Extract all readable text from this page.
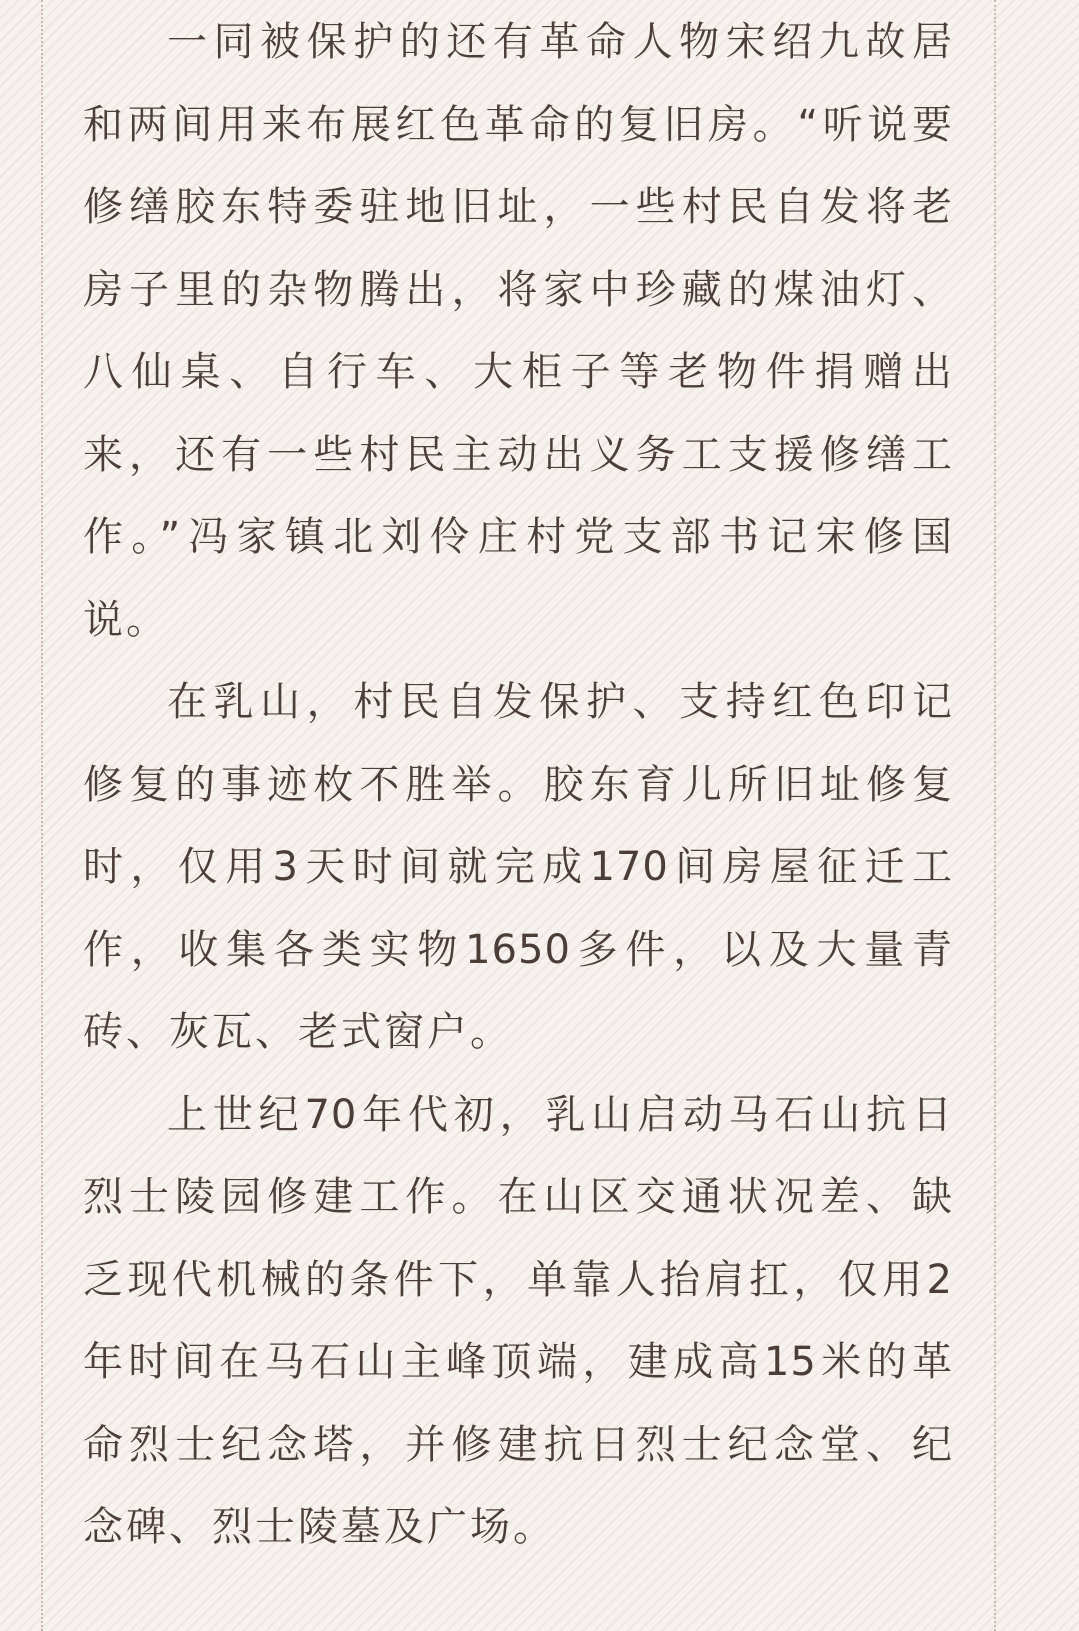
一同被保护的还有革命人物宋绍九故居
和两间用来布展红色革命的复旧房。“听说要
修缮胶东特委驻地旧址，一些村民自发将老
房子里的杂物腾出，将家中珍藏的煤油灯、
八仙桌、自行车、大柜子等老物件捐赠出
来，还有一些村民主动出义务工支援修缮工
作。”冯家镇北刘伶庄村党支部书记宋修国
说。
在乳山，村民自发保护、支持红色印记
修复的事迹枚不胜举。胶东育儿所旧址修复
时，仅用3天时间就完成170间房屋征迁工
作，收集各类实物1650多件，以及大量青
砖、灰瓦、老式窗户。
上世纪70年代初，乳山启动马石山抗日
烈士陵园修建工作。在山区交通状况差、缺
乏现代机械的条件下，单靠人抬肩扛，仅用2
年时间在马石山主峰顶端，建成高15米的革
命烈士纪念塔，并修建抗日烈士纪念堂、纪
念碑、烈士陵墓及广场。
